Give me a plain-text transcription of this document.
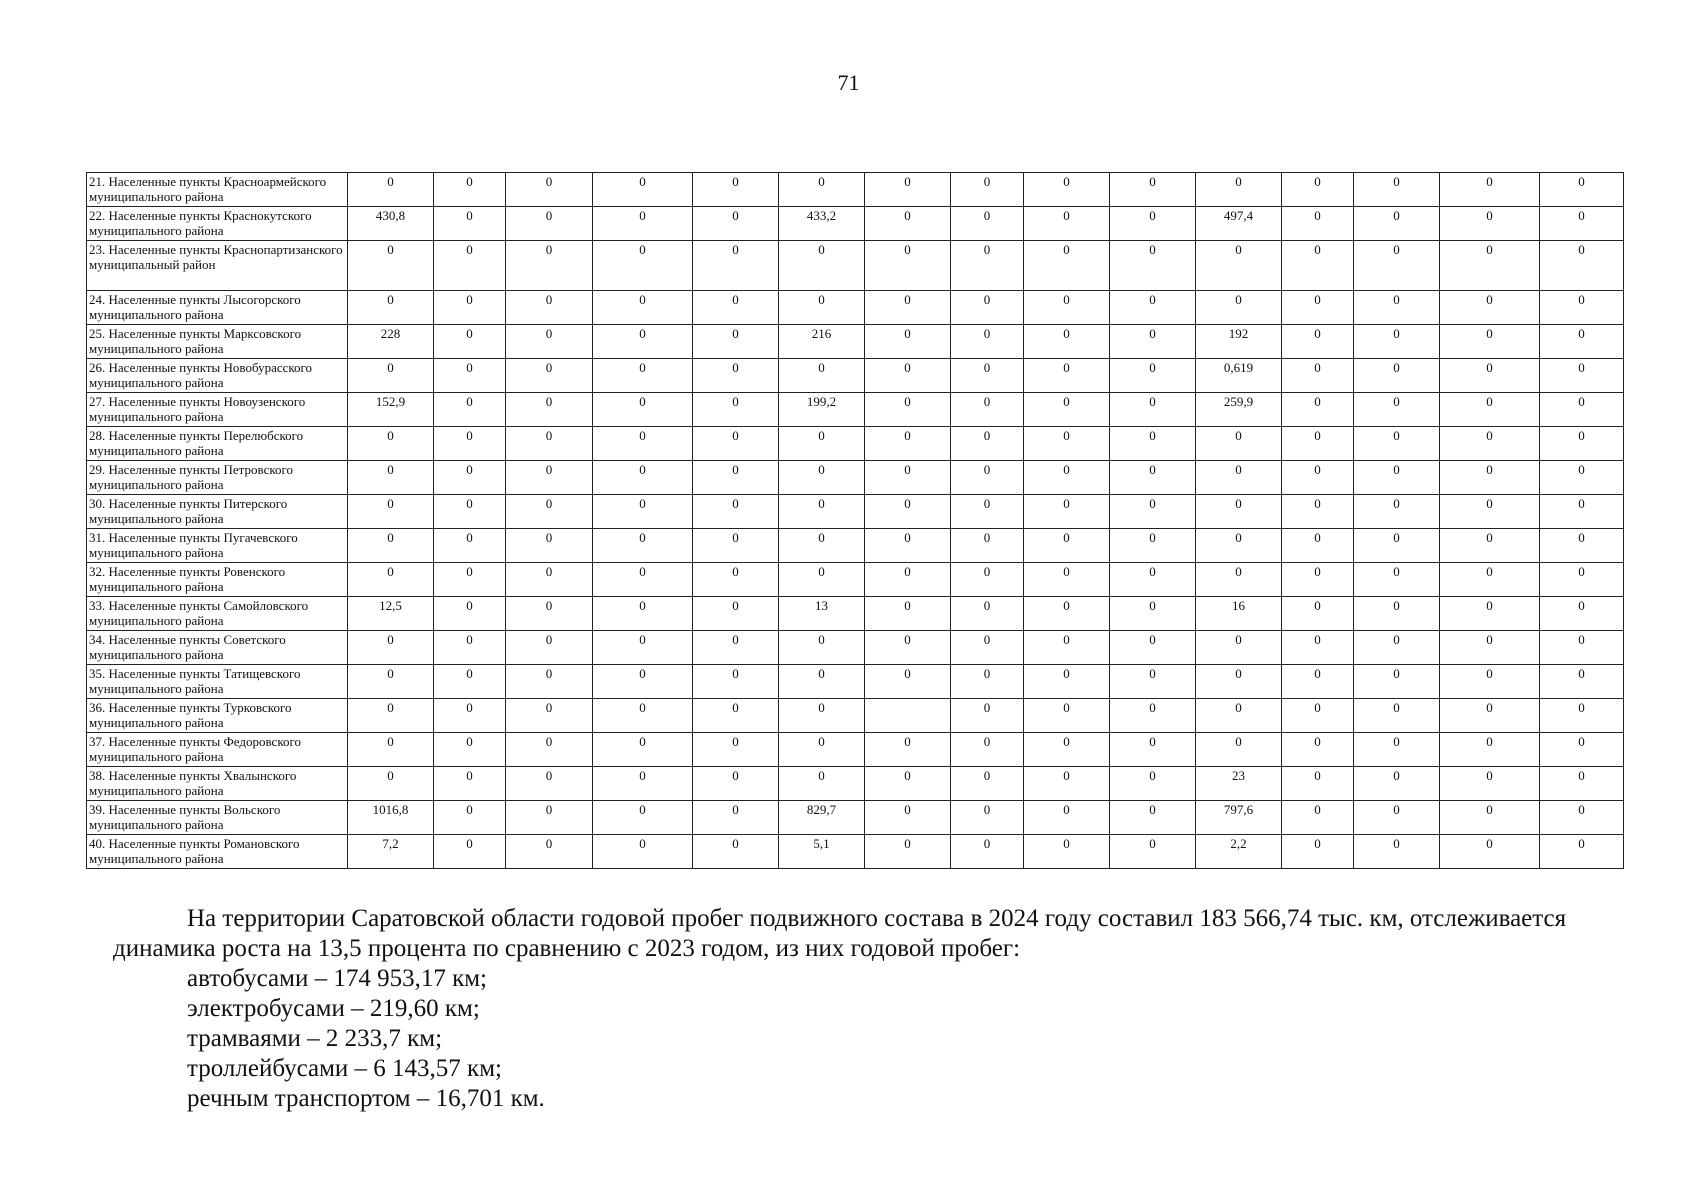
71
21. Населенные пункты Красноармейского муниципального района	0	0	0	0	0	0	0	0	0	0	0	0	0	0	0
22. Населенные пункты Краснокутского муниципального района	430,8	0	0	0	0	433,2	0	0	0	0	497,4	0	0	0	0
23. Населенные пункты Краснопартизанского муниципальный район	0	0	0	0	0	0	0	0	0	0	0	0	0	0	0
24. Населенные пункты Лысогорского муниципального района	0	0	0	0	0	0	0	0	0	0	0	0	0	0	0
25. Населенные пункты Марксовского муниципального района	228	0	0	0	0	216	0	0	0	0	192	0	0	0	0
26. Населенные пункты Новобурасского муниципального района	0	0	0	0	0	0	0	0	0	0	0,619	0	0	0	0
27. Населенные пункты Новоузенского муниципального района	152,9	0	0	0	0	199,2	0	0	0	0	259,9	0	0	0	0
28. Населенные пункты Перелюбского муниципального района	0	0	0	0	0	0	0	0	0	0	0	0	0	0	0
29. Населенные пункты Петровского муниципального района	0	0	0	0	0	0	0	0	0	0	0	0	0	0	0
30. Населенные пункты Питерского муниципального района	0	0	0	0	0	0	0	0	0	0	0	0	0	0	0
31. Населенные пункты Пугачевского муниципального района	0	0	0	0	0	0	0	0	0	0	0	0	0	0	0
32. Населенные пункты Ровенского муниципального района	0	0	0	0	0	0	0	0	0	0	0	0	0	0	0
33. Населенные пункты Самойловского муниципального района	12,5	0	0	0	0	13	0	0	0	0	16	0	0	0	0
34. Населенные пункты Советского муниципального района	0	0	0	0	0	0	0	0	0	0	0	0	0	0	0
35. Населенные пункты Татищевского муниципального района	0	0	0	0	0	0	0	0	0	0	0	0	0	0	0
36. Населенные пункты Турковского муниципального района	0	0	0	0	0	0		0	0	0	0	0	0	0	0
37. Населенные пункты Федоровского муниципального района	0	0	0	0	0	0	0	0	0	0	0	0	0	0	0
38. Населенные пункты Хвалынского муниципального района	0	0	0	0	0	0	0	0	0	0	23	0	0	0	0
39. Населенные пункты Вольского муниципального района	1016,8	0	0	0	0	829,7	0	0	0	0	797,6	0	0	0	0
40. Населенные пункты Романовского муниципального района	7,2	0	0	0	0	5,1	0	0	0	0	2,2	0	0	0	0

На территории Саратовской области годовой пробег подвижного состава в 2024 году составил 183 566,74 тыс. км, отслеживается динамика роста на 13,5 процента по сравнению с 2023 годом, из них годовой пробег:

автобусами – 174 953,17 км;

электробусами – 219,60 км;

трамваями – 2 233,7 км;

троллейбусами – 6 143,57 км;

речным транспортом – 16,701 км.
